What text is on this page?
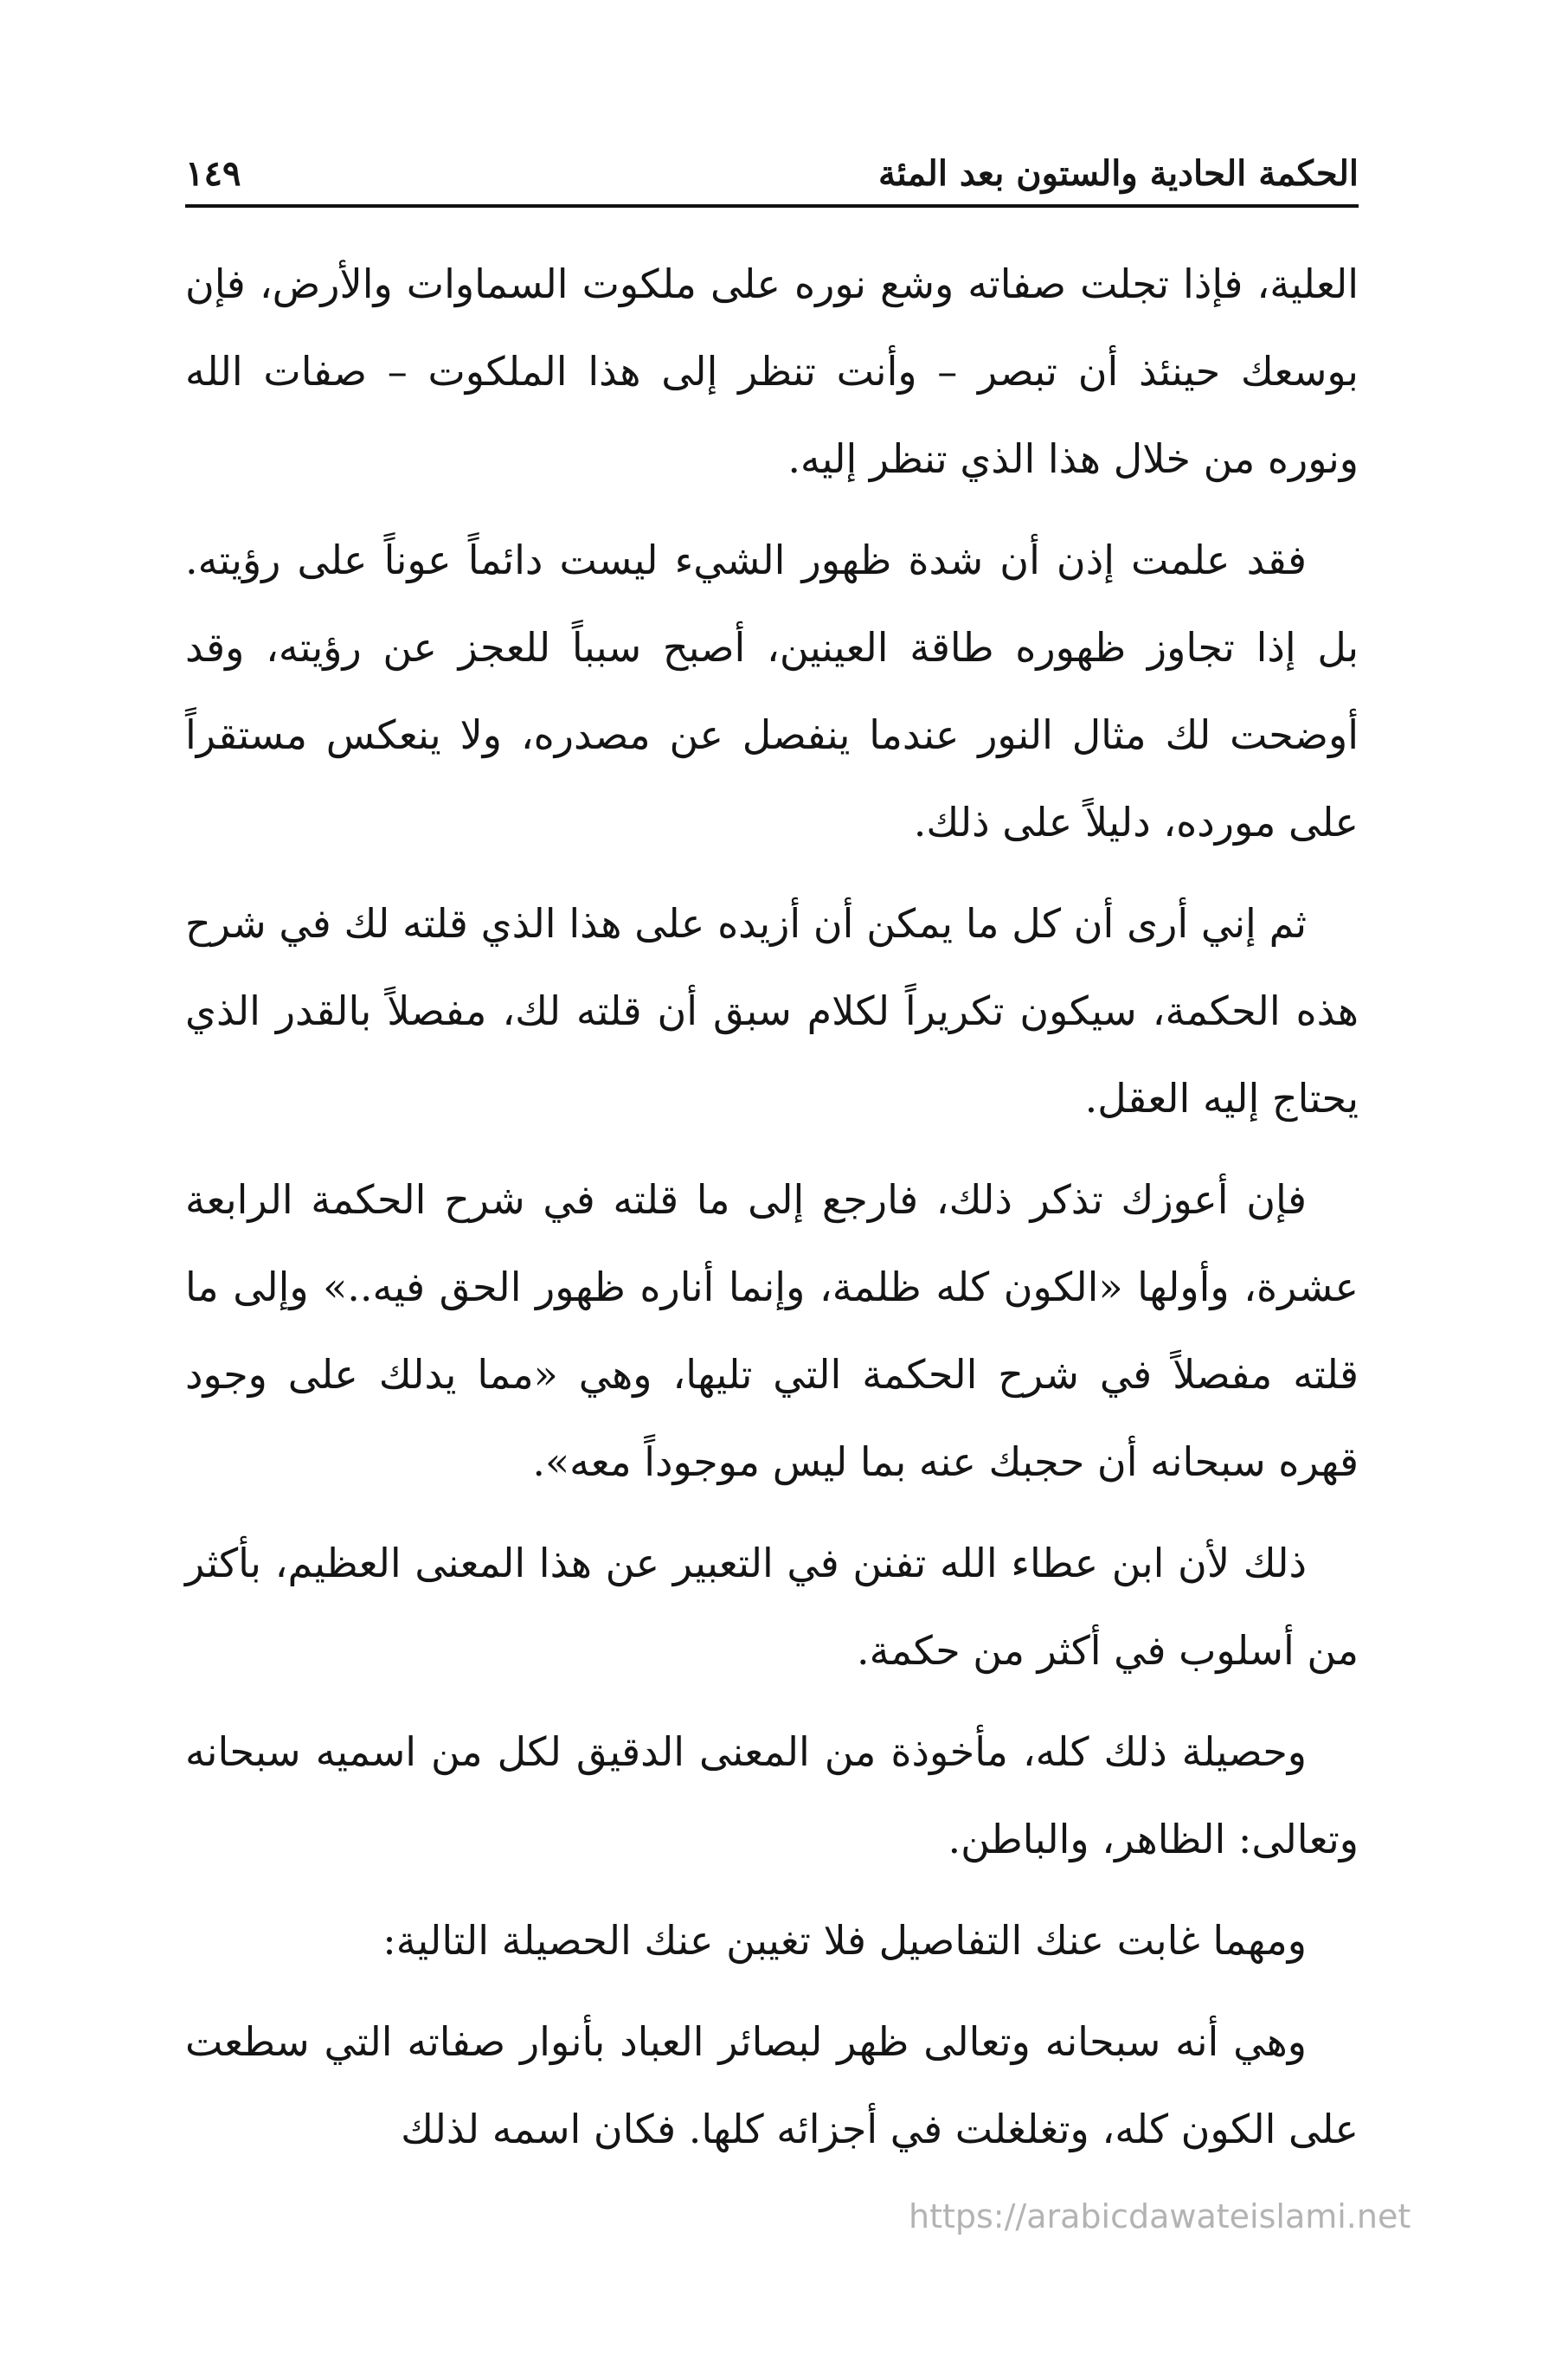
الحكمة الحادية والستون بعد المئة
١٤٩

العلية، فإذا تجلت صفاته وشع نوره على ملكوت السماوات والأرض، فإن بوسعك حينئذ أن تبصر – وأنت تنظر إلى هذا الملكوت – صفات الله ونوره من خلال هذا الذي تنظر إليه.

فقد علمت إذن أن شدة ظهور الشيء ليست دائماً عوناً على رؤيته. بل إذا تجاوز ظهوره طاقة العينين، أصبح سبباً للعجز عن رؤيته، وقد أوضحت لك مثال النور عندما ينفصل عن مصدره، ولا ينعكس مستقراً على مورده، دليلاً على ذلك.

ثم إني أرى أن كل ما يمكن أن أزيده على هذا الذي قلته لك في شرح هذه الحكمة، سيكون تكريراً لكلام سبق أن قلته لك، مفصلاً بالقدر الذي يحتاج إليه العقل.

فإن أعوزك تذكر ذلك، فارجع إلى ما قلته في شرح الحكمة الرابعة عشرة، وأولها «الكون كله ظلمة، وإنما أناره ظهور الحق فيه..» وإلى ما قلته مفصلاً في شرح الحكمة التي تليها، وهي «مما يدلك على وجود قهره سبحانه أن حجبك عنه بما ليس موجوداً معه».

ذلك لأن ابن عطاء الله تفنن في التعبير عن هذا المعنى العظيم، بأكثر من أسلوب في أكثر من حكمة.

وحصيلة ذلك كله، مأخوذة من المعنى الدقيق لكل من اسميه سبحانه وتعالى: الظاهر، والباطن.

ومهما غابت عنك التفاصيل فلا تغيبن عنك الحصيلة التالية:

وهي أنه سبحانه وتعالى ظهر لبصائر العباد بأنوار صفاته التي سطعت على الكون كله، وتغلغلت في أجزائه كلها. فكان اسمه لذلك

https://arabicdawateislami.net
